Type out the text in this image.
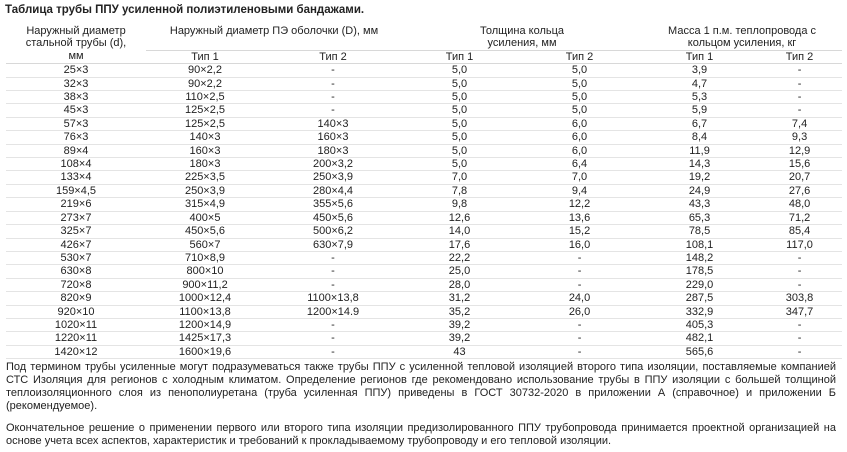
Таблица трубы ППУ усиленной полиэтиленовыми бандажами.
Наружный диаметр стальной трубы (d), мм	Наружный диаметр ПЭ оболочки (D), мм		Толщина кольца усиления, мм		Масса 1 п.м. теплопровода с кольцом усиления, кг	
	Тип 1	Тип 2	Тип 1	Тип 2	Тип 1	Тип 2
25×3	90×2,2	-	5,0	5,0	3,9	-
32×3	90×2,2	-	5,0	5,0	4,7	-
38×3	110×2,5	-	5,0	5,0	5,3	-
45×3	125×2,5	-	5,0	5,0	5,9	-
57×3	125×2,5	140×3	5,0	6,0	6,7	7,4
76×3	140×3	160×3	5,0	6,0	8,4	9,3
89×4	160×3	180×3	5,0	6,0	11,9	12,9
108×4	180×3	200×3,2	5,0	6,4	14,3	15,6
133×4	225×3,5	250×3,9	7,0	7,0	19,2	20,7
159×4,5	250×3,9	280×4,4	7,8	9,4	24,9	27,6
219×6	315×4,9	355×5,6	9,8	12,2	43,3	48,0
273×7	400×5	450×5,6	12,6	13,6	65,3	71,2
325×7	450×5,6	500×6,2	14,0	15,2	78,5	85,4
426×7	560×7	630×7,9	17,6	16,0	108,1	117,0
530×7	710×8,9	-	22,2	-	148,2	-
630×8	800×10	-	25,0	-	178,5	-
720×8	900×11,2	-	28,0	-	229,0	-
820×9	1000×12,4	1100×13,8	31,2	24,0	287,5	303,8
920×10	1100×13,8	1200×14.9	35,2	26,0	332,9	347,7
1020×11	1200×14,9	-	39,2	-	405,3	-
1220×11	1425×17,3	-	39,2	-	482,1	-
1420×12	1600×19,6	-	43	-	565,6	-
Под термином трубы усиленные могут подразумеваться также трубы ППУ с усиленной тепловой изоляцией второго типа изоляции, поставляемые компанией СТС Изоляция для регионов с холодным климатом. Определение регионов где рекомендовано использование трубы в ППУ изоляции с большей толщиной теплоизоляционного слоя из пенополиуретана (труба усиленная ППУ) приведены в ГОСТ 30732-2020 в приложении А (справочное) и приложении Б (рекомендуемое).
Окончательное решение о применении первого или второго типа изоляции предизолированного ППУ трубопровода принимается проектной организацией на основе учета всех аспектов, характеристик и требований к прокладываемому трубопроводу и его тепловой изоляции.
